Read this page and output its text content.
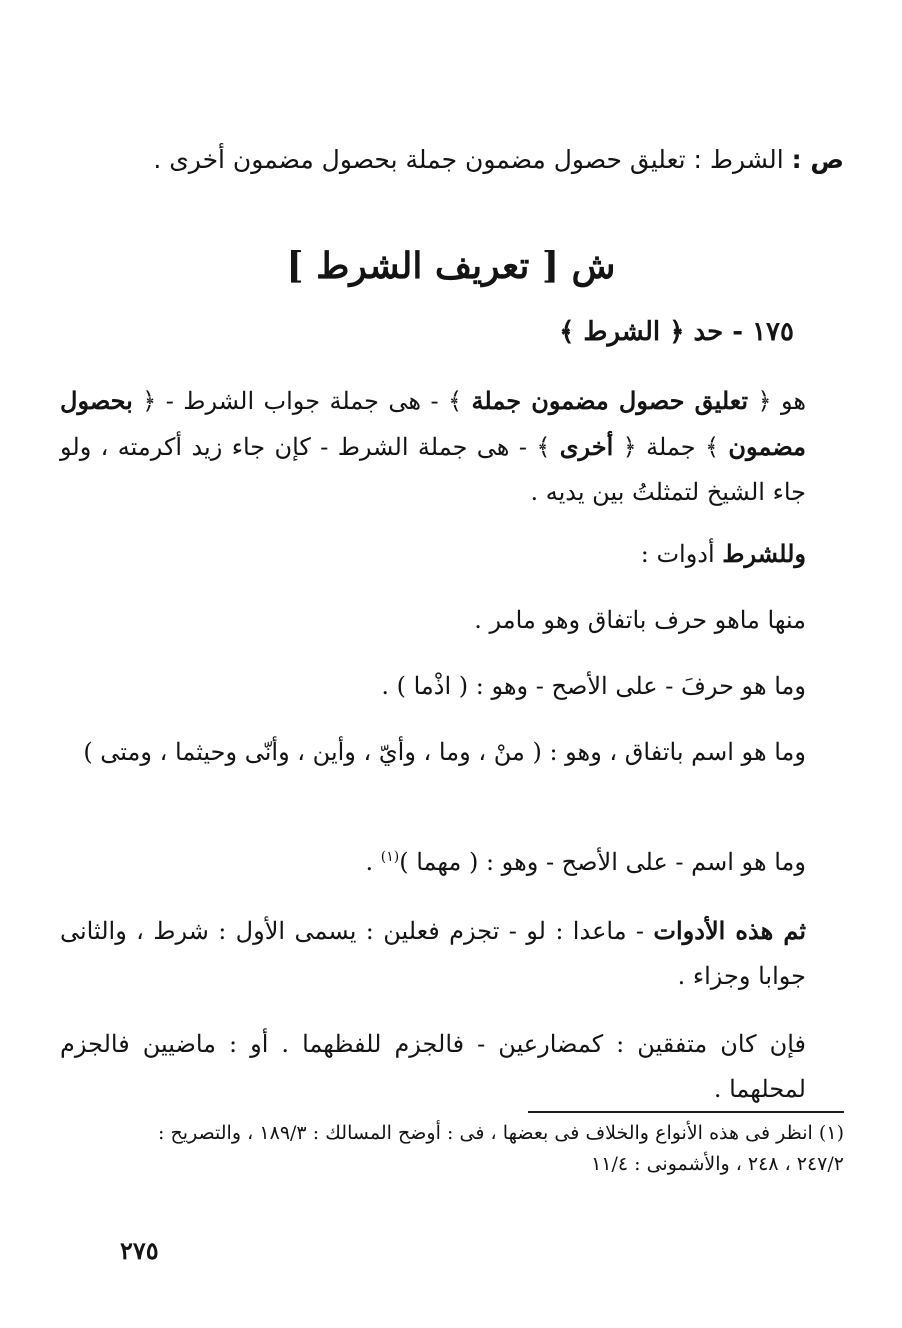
ص : الشرط : تعليق حصول مضمون جملة بحصول مضمون أخرى .
ش [ تعريف الشرط ]
١٧٥ - حد ﴿ الشرط ﴾
هو ﴿ تعليق حصول مضمون جملة ﴾ - هى جملة جواب الشرط - ﴿ بحصول مضمون ﴾ جملة ﴿ أخرى ﴾ - هى جملة الشرط - كإن جاء زيد أكرمته ، ولو جاء الشيخ لتمثلتُ بين يديه .
وللشرط أدوات :
منها ماهو حرف باتفاق وهو مامر .
وما هو حرفَ - على الأصح - وهو : ( اذْما ) .
وما هو اسم باتفاق ، وهو : ( منْ ، وما ، وأيّ ، وأين ، وأنّى وحيثما ، ومتى )
وما هو اسم - على الأصح - وهو : ( مهما )$^{(١)}$ .
ثم هذه الأدوات - ماعدا : لو - تجزم فعلين : يسمى الأول : شرط ، والثانى جوابا وجزاء .
فإن كان متفقين : كمضارعين - فالجزم للفظهما . أو : ماضيين فالجزم لمحلهما .
(١) انظر فى هذه الأنواع والخلاف فى بعضها ، فى : أوضح المسالك : ١٨٩/٣ ، والتصريح : ٢٤٧/٢ ، ٢٤٨ ، والأشمونى : ١١/٤
٢٧٥
